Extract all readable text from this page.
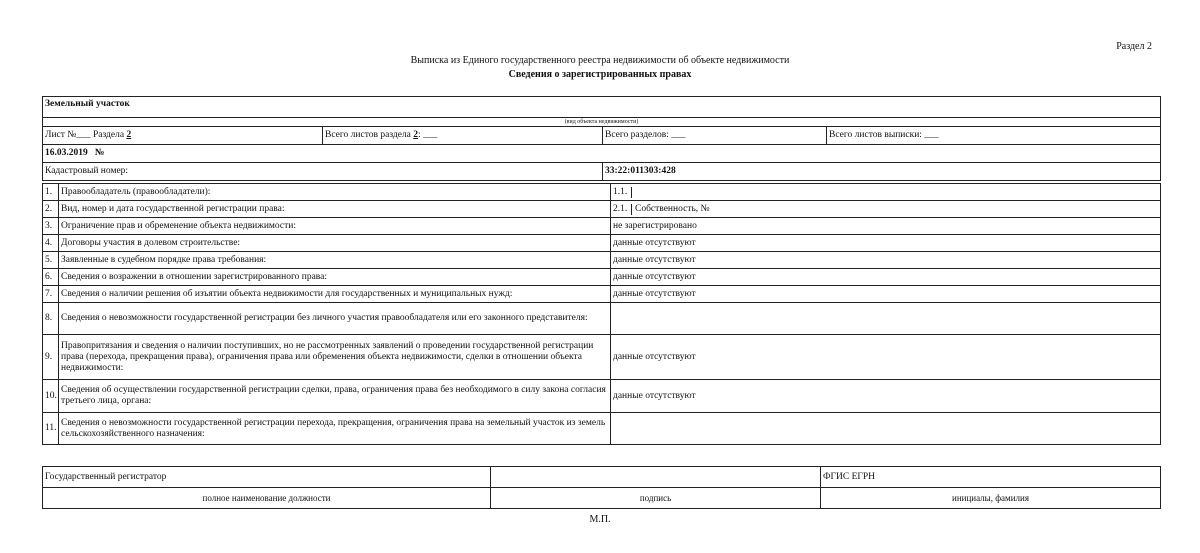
Раздел 2
Выписка из Единого государственного реестра недвижимости об объекте недвижимости
Сведения о зарегистрированных правах
Земельный участок			
(вид объекта недвижимости)			
Лист №___ Раздела 2	Всего листов раздела 2: ___	Всего разделов: ___	Всего листов выписки: ___
16.03.2019 №			
Кадастровый номер:		33:22:011303:428	
1.	Правообладатель (правообладатели):	1.1.
2.	Вид, номер и дата государственной регистрации права:	2.1. Собственность, №
3.	Ограничение прав и обременение объекта недвижимости:	не зарегистрировано
4.	Договоры участия в долевом строительстве:	данные отсутствуют
5.	Заявленные в судебном порядке права требования:	данные отсутствуют
6.	Сведения о возражении в отношении зарегистрированного права:	данные отсутствуют
7.	Сведения о наличии решения об изъятии объекта недвижимости для государственных и муниципальных нужд:	данные отсутствуют
8.	Сведения о невозможности государственной регистрации без личного участия правообладателя или его законного представителя:	
9.	Правопритязания и сведения о наличии поступивших, но не рассмотренных заявлений о проведении государственной регистрации права (перехода, прекращения права), ограничения права или обременения объекта недвижимости, сделки в отношении объекта недвижимости:	данные отсутствуют
10.	Сведения об осуществлении государственной регистрации сделки, права, ограничения права без необходимого в силу закона согласия третьего лица, органа:	данные отсутствуют
11.	Сведения о невозможности государственной регистрации перехода, прекращения, ограничения права на земельный участок из земель сельскохозяйственного назначения:	
Государственный регистратор		ФГИС ЕГРН
полное наименование должности	подпись	инициалы, фамилия
М.П.
